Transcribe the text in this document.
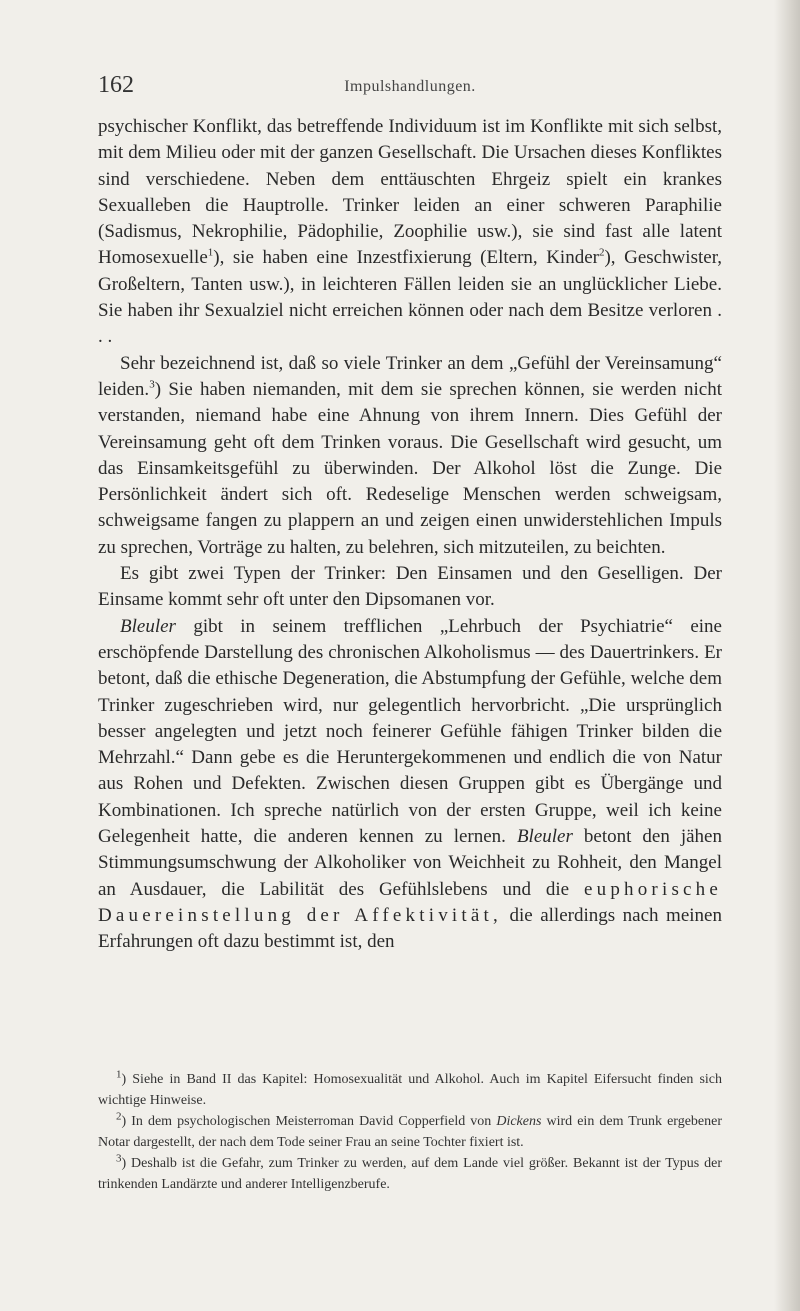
162	Impulshandlungen.

psychischer Konflikt, das betreffende Individuum ist im Konflikte mit sich selbst, mit dem Milieu oder mit der ganzen Gesellschaft. Die Ursachen dieses Konfliktes sind verschiedene. Neben dem enttäuschten Ehrgeiz spielt ein krankes Sexualleben die Hauptrolle. Trinker leiden an einer schweren Paraphilie (Sadismus, Nekrophilie, Pädophilie, Zoophilie usw.), sie sind fast alle latent Homosexuelle$^1$), sie haben eine Inzestfixierung (Eltern, Kinder$^2$), Geschwister, Großeltern, Tanten usw.), in leichteren Fällen leiden sie an unglücklicher Liebe. Sie haben ihr Sexualziel nicht erreichen können oder nach dem Besitze verloren . . .

Sehr bezeichnend ist, daß so viele Trinker an dem „Gefühl der Vereinsamung“ leiden.$^3$) Sie haben niemanden, mit dem sie sprechen können, sie werden nicht verstanden, niemand habe eine Ahnung von ihrem Innern. Dies Gefühl der Vereinsamung geht oft dem Trinken voraus. Die Gesellschaft wird gesucht, um das Einsamkeitsgefühl zu überwinden. Der Alkohol löst die Zunge. Die Persönlichkeit ändert sich oft. Redeselige Menschen werden schweigsam, schweigsame fangen zu plappern an und zeigen einen unwiderstehlichen Impuls zu sprechen, Vorträge zu halten, zu belehren, sich mitzuteilen, zu beichten.

Es gibt zwei Typen der Trinker: Den Einsamen und den Geselligen. Der Einsame kommt sehr oft unter den Dipsomanen vor.

Bleuler gibt in seinem trefflichen „Lehrbuch der Psychiatrie“ eine erschöpfende Darstellung des chronischen Alkoholismus — des Dauertrinkers. Er betont, daß die ethische Degeneration, die Abstumpfung der Gefühle, welche dem Trinker zugeschrieben wird, nur gelegentlich hervorbricht. „Die ursprünglich besser angelegten und jetzt noch feinerer Gefühle fähigen Trinker bilden die Mehrzahl.“ Dann gebe es die Heruntergekommenen und endlich die von Natur aus Rohen und Defekten. Zwischen diesen Gruppen gibt es Übergänge und Kombinationen. Ich spreche natürlich von der ersten Gruppe, weil ich keine Gelegenheit hatte, die anderen kennen zu lernen. Bleuler betont den jähen Stimmungsumschwung der Alkoholiker von Weichheit zu Rohheit, den Mangel an Ausdauer, die Labilität des Gefühlslebens und die euphorische Dauereinstellung der Affektivität, die allerdings nach meinen Erfahrungen oft dazu bestimmt ist, den

$^1$) Siehe in Band II das Kapitel: Homosexualität und Alkohol. Auch im Kapitel Eifersucht finden sich wichtige Hinweise.

$^2$) In dem psychologischen Meisterroman David Copperfield von Dickens wird ein dem Trunk ergebener Notar dargestellt, der nach dem Tode seiner Frau an seine Tochter fixiert ist.

$^3$) Deshalb ist die Gefahr, zum Trinker zu werden, auf dem Lande viel größer. Bekannt ist der Typus der trinkenden Landärzte und anderer Intelligenzberufe.
